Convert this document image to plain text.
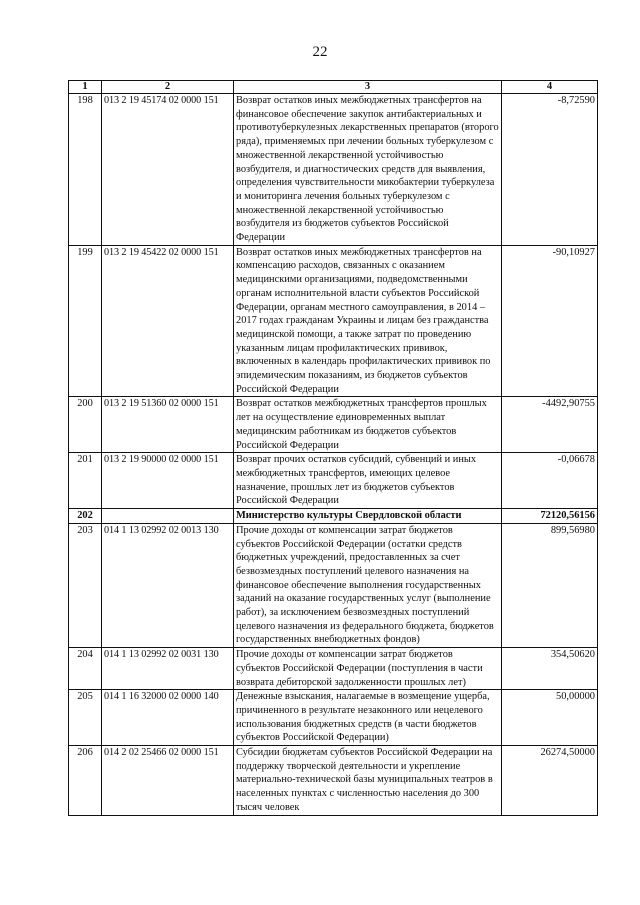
22
1	2	3	4
198	013 2 19 45174 02 0000 151	Возврат остатков иных межбюджетных трансфертов на финансовое обеспечение закупок антибактериальных и противотуберкулезных лекарственных препаратов (второго ряда), применяемых при лечении больных туберкулезом с множественной лекарственной устойчивостью возбудителя, и диагностических средств для выявления, определения чувствительности микобактерии туберкулеза и мониторинга лечения больных туберкулезом с множественной лекарственной устойчивостью возбудителя из бюджетов субъектов Российской Федерации	-8,72590
199	013 2 19 45422 02 0000 151	Возврат остатков иных межбюджетных трансфертов на компенсацию расходов, связанных с оказанием медицинскими организациями, подведомственными органам исполнительной власти субъектов Российской Федерации, органам местного самоуправления, в 2014 – 2017 годах гражданам Украины и лицам без гражданства медицинской помощи, а также затрат по проведению указанным лицам профилактических прививок, включенных в календарь профилактических прививок по эпидемическим показаниям, из бюджетов субъектов Российской Федерации	-90,10927
200	013 2 19 51360 02 0000 151	Возврат остатков межбюджетных трансфертов прошлых лет на осуществление единовременных выплат медицинским работникам из бюджетов субъектов Российской Федерации	-4492,90755
201	013 2 19 90000 02 0000 151	Возврат прочих остатков субсидий, субвенций и иных межбюджетных трансфертов, имеющих целевое назначение, прошлых лет из бюджетов субъектов Российской Федерации	-0,06678
202		Министерство культуры Свердловской области	72120,56156
203	014 1 13 02992 02 0013 130	Прочие доходы от компенсации затрат бюджетов субъектов Российской Федерации (остатки средств бюджетных учреждений, предоставленных за счет безвозмездных поступлений целевого назначения на финансовое обеспечение выполнения государственных заданий на оказание государственных услуг (выполнение работ), за исключением безвозмездных поступлений целевого назначения из федерального бюджета, бюджетов государственных внебюджетных фондов)	899,56980
204	014 1 13 02992 02 0031 130	Прочие доходы от компенсации затрат бюджетов субъектов Российской Федерации (поступления в части возврата дебиторской задолженности прошлых лет)	354,50620
205	014 1 16 32000 02 0000 140	Денежные взыскания, налагаемые в возмещение ущерба, причиненного в результате незаконного или нецелевого использования бюджетных средств (в части бюджетов субъектов Российской Федерации)	50,00000
206	014 2 02 25466 02 0000 151	Субсидии бюджетам субъектов Российской Федерации на поддержку творческой деятельности и укрепление материально-технической базы муниципальных театров в населенных пунктах с численностью населения до 300 тысяч человек	26274,50000
